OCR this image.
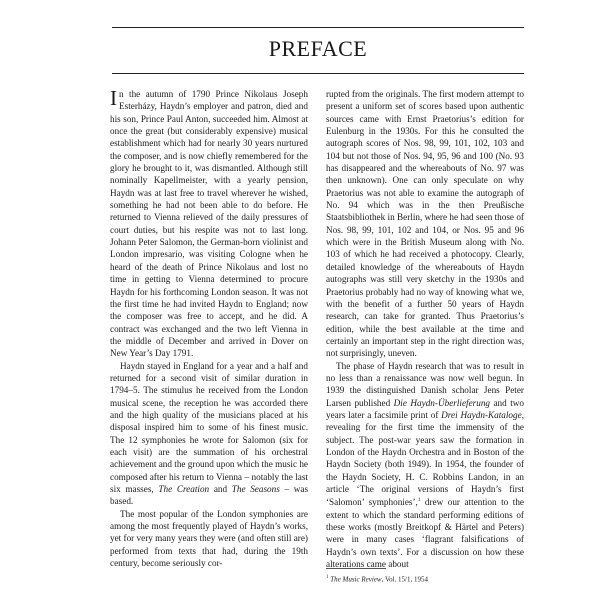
PREFACE

In the autumn of 1790 Prince Nikolaus Joseph Esterházy, Haydn’s employer and patron, died and his son, Prince Paul Anton, succeeded him. Almost at once the great (but considerably expensive) musical establishment which had for nearly 30 years nurtured the composer, and is now chiefly remembered for the glory he brought to it, was dismantled. Although still nominally Kapellmeister, with a yearly pension, Haydn was at last free to travel wherever he wished, something he had not been able to do before. He returned to Vienna relieved of the daily pressures of court duties, but his respite was not to last long. Johann Peter Salomon, the German-born violinist and London impresario, was visiting Cologne when he heard of the death of Prince Nikolaus and lost no time in getting to Vienna determined to procure Haydn for his forthcoming London season. It was not the first time he had invited Haydn to England; now the composer was free to accept, and he did. A contract was exchanged and the two left Vienna in the middle of December and arrived in Dover on New Year’s Day 1791.

Haydn stayed in England for a year and a half and returned for a second visit of similar duration in 1794–5. The stimulus he received from the London musical scene, the reception he was accorded there and the high quality of the musicians placed at his disposal inspired him to some of his finest music. The 12 symphonies he wrote for Salomon (six for each visit) are the summation of his orchestral achievement and the ground upon which the music he composed after his return to Vienna – notably the last six masses, The Creation and The Seasons – was based.

The most popular of the London symphonies are among the most frequently played of Haydn’s works, yet for very many years they were (and often still are) performed from texts that had, during the 19th century, become seriously cor-

rupted from the originals. The first modern attempt to present a uniform set of scores based upon authentic sources came with Ernst Praetorius’s edition for Eulenburg in the 1930s. For this he consulted the autograph scores of Nos. 98, 99, 101, 102, 103 and 104 but not those of Nos. 94, 95, 96 and 100 (No. 93 has disappeared and the whereabouts of No. 97 was then unknown). One can only speculate on why Praetorius was not able to examine the autograph of No. 94 which was in the then Preußische Staatsbibliothek in Berlin, where he had seen those of Nos. 98, 99, 101, 102 and 104, or Nos. 95 and 96 which were in the British Museum along with No. 103 of which he had received a photocopy. Clearly, detailed knowledge of the whereabouts of Haydn autographs was still very sketchy in the 1930s and Praetorius probably had no way of knowing what we, with the benefit of a further 50 years of Haydn research, can take for granted. Thus Praetorius’s edition, while the best available at the time and certainly an important step in the right direction was, not surprisingly, uneven.

The phase of Haydn research that was to result in no less than a renaissance was now well begun. In 1939 the distinguished Danish scholar Jens Peter Larsen published Die Haydn-Überlieferung and two years later a facsimile print of Drei Haydn-Kataloge, revealing for the first time the immensity of the subject. The post-war years saw the formation in London of the Haydn Orchestra and in Boston of the Haydn Society (both 1949). In 1954, the founder of the Haydn Society, H. C. Robbins Landon, in an article ‘The original versions of Haydn’s first ‘Salomon’ symphonies’,$^1$ drew our attention to the extent to which the standard performing editions of these works (mostly Breitkopf & Härtel and Peters) were in many cases ‘flagrant falsifications of Haydn’s own texts’. For a discussion on how these alterations came about

$^1$ The Music Review, Vol. 15/1, 1954
